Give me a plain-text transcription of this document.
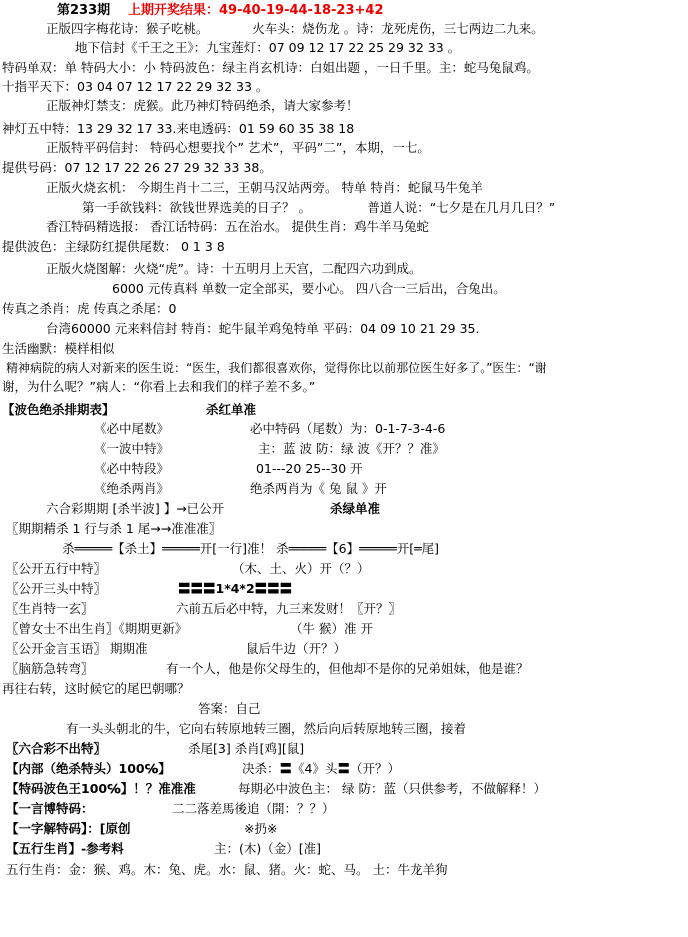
第233期 上期开奖结果：49-40-19-44-18-23+42
正版四字梅花诗：猴子吃桃。　　　　火车头：烧伤龙 。诗：龙死虎伤，三七两边二九来。
地下信封《千王之王》：九宝莲灯：07 09 12 17 22 25 29 32 33 。
特码单双：单 特码大小：小 特码波色：绿主肖玄机诗：白姐出题 ，一日千里。主：蛇马兔鼠鸡。
十指平天下：03 04 07 12 17 22 29 32 33 。
正版神灯禁支：虎猴。此乃神灯特码绝杀，请大家参考！
神灯五中特：13 29 32 17 33.来电透码：01 59 60 35 38 18
正版特平码信封： 特码心想要找个” 艺术”，平码”二”，本期，一七。
提供号码：07 12 17 22 26 27 29 32 33 38。
正版火烧玄机： 今期生肖十二三，王朝马汉站两旁。 特单 特肖：蛇鼠马牛兔羊
第一手欲钱料：欲钱世界选美的日子？ 。　　　　　普道人说：“七夕是在几月几日？”
香江特码精选报： 香江话特码：五在治水。 提供生肖：鸡牛羊马兔蛇
提供波色：主绿防红提供尾数： 0 1 3 8
正版火烧图解：火烧“虎”。诗：十五明月上天宫，二配四六功到成。
6000 元传真料 单数一定全部买，要小心。 四八合一三后出，合兔出。
传真之杀肖：虎 传真之杀尾：0
台湾60000 元来料信封 特肖：蛇牛鼠羊鸡兔特单 平码：04 09 10 21 29 35.
生活幽默：模样相似
精神病院的病人对新来的医生说：“医生，我们都很喜欢你，觉得你比以前那位医生好多了。”医生：“谢
谢，为什么呢？”病人：“你看上去和我们的样子差不多。”
【波色绝杀排期表】	杀红单准
《必中尾数》	必中特码（尾数）为：0-1-7-3-4-6
《一波中特》	主：蓝 波 防：绿 波《开？？准》
《必中特段》	01---20 25--30 开
《绝杀两肖》	绝杀两肖为《 兔 鼠 》开
六合彩期期 [杀半波] 】→已公开	杀绿单准
〖期期精杀 1 行与杀 1 尾→→准准准〗
杀═════【杀土】═════开[一行]准！ 杀═════【6】═════开[═尾]
〖公开五行中特〗	（木、土、火）开（？）
〖公开三头中特〗	〓〓〓1*4*2〓〓〓
〖生肖特一玄〗	六前五后必中特，九三来发财！〖开？〗
〖曾女士不出生肖〗《期期更新》	（牛 猴）准 开
〖公开金言玉语〗 期期准	鼠后牛边（开？）
〖脑筋急转弯〗	有一个人，他是你父母生的，但他却不是你的兄弟姐妹，他是谁？
再往右转，这时候它的尾巴朝哪？
答案：自己
有一头头朝北的牛，它向右转原地转三圈，然后向后转原地转三圈，接着
〖六合彩不出特〗	杀尾[3] 杀肖[鸡][鼠]
【内部（绝杀特头）100℅】	决杀：〓《4》头〓（开？）
【特码波色王100℅】！？准准准	每期必中波色主： 绿 防：蓝（只供参考，不做解释！）
【一言博特码：	二二落差馬後追（開：？？）
【一字解特码】：[原创	※扔※
【五行生肖】-参考料	主：(木)（金）[准]
五行生肖：金：猴、鸡。木：兔、虎。水：鼠、猪。火：蛇、马。 土：牛龙羊狗
